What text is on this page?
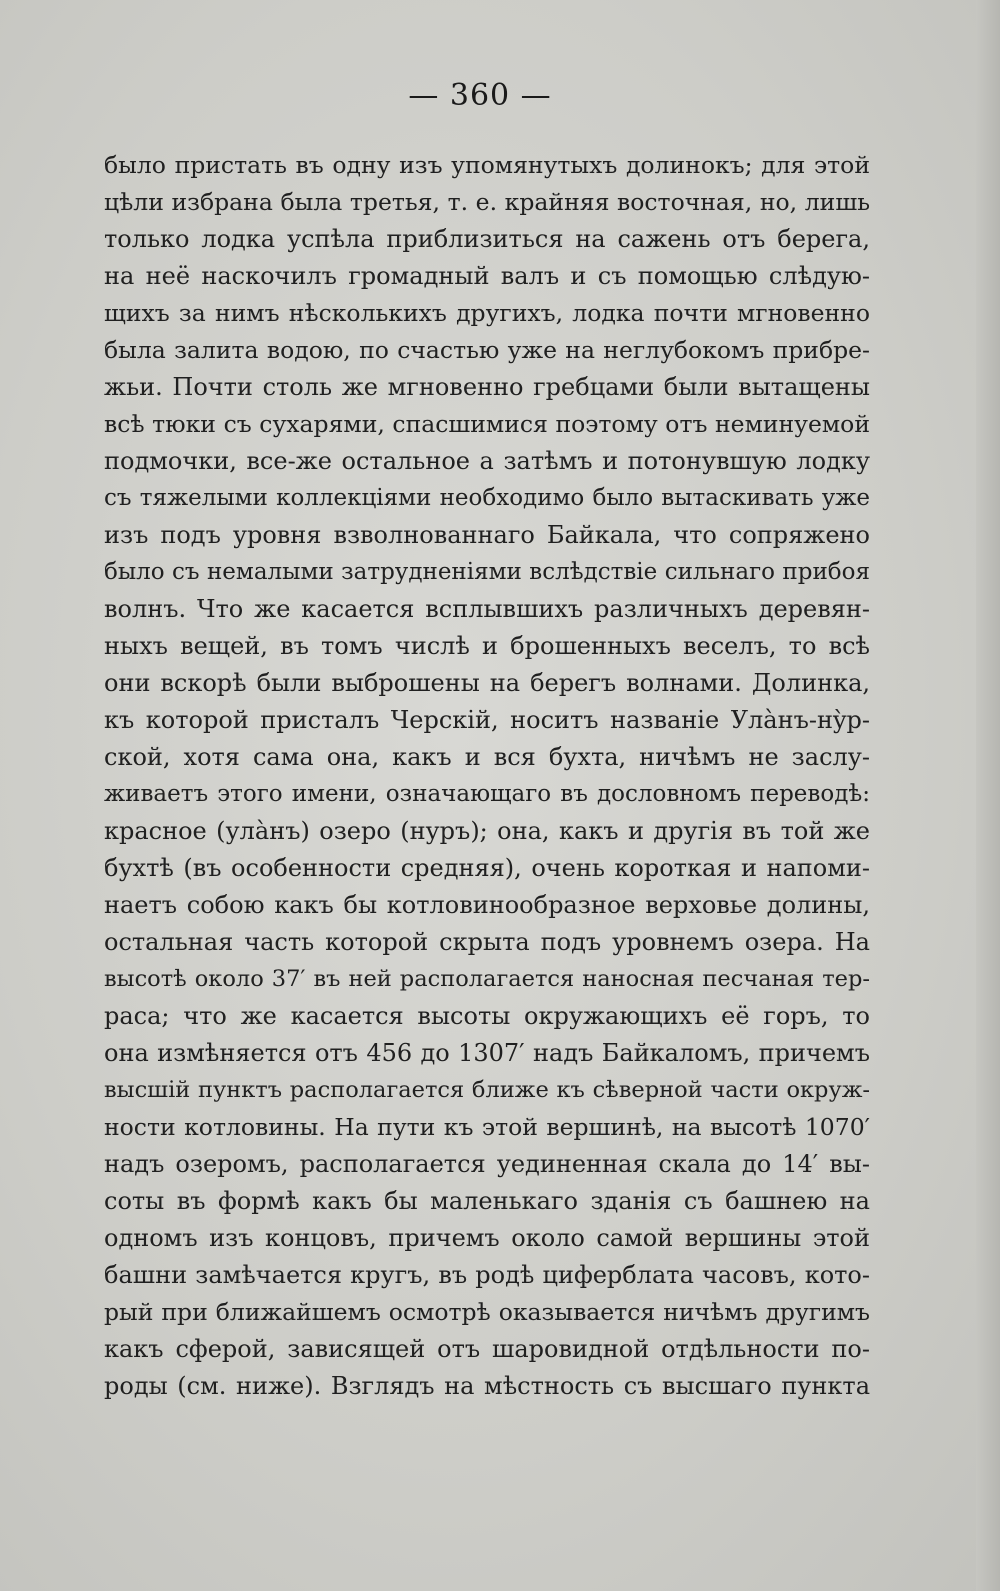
— 360 —
было пристать въ одну изъ упомянутыхъ долинокъ; для этой
цѣли избрана была третья, т. е. крайняя восточная, но, лишь
только лодка успѣла приблизиться на сажень отъ берега,
на неё наскочилъ громадный валъ и съ помощью слѣдую-
щихъ за нимъ нѣсколькихъ другихъ, лодка почти мгновенно
была залита водою, по счастью уже на неглубокомъ прибре-
жьи. Почти столь же мгновенно гребцами были вытащены
всѣ тюки съ сухарями, спасшимися поэтому отъ неминуемой
подмочки, все-же остальное а затѣмъ и потонувшую лодку
съ тяжелыми коллекціями необходимо было вытаскивать уже
изъ подъ уровня взволнованнаго Байкала, что сопряжено
было съ немалыми затрудненіями вслѣдствіе сильнаго прибоя
волнъ. Что же касается всплывшихъ различныхъ деревян-
ныхъ вещей, въ томъ числѣ и брошенныхъ веселъ, то всѣ
они вскорѣ были выброшены на берегъ волнами. Долинка,
къ которой присталъ Черскій, носитъ названіе Улàнъ-нỳр-
ской, хотя сама она, какъ и вся бухта, ничѣмъ не заслу-
живаетъ этого имени, означающаго въ дословномъ переводѣ:
красное (улàнъ) озеро (нуръ); она, какъ и другія въ той же
бухтѣ (въ особенности средняя), очень короткая и напоми-
наетъ собою какъ бы котловинообразное верховье долины,
остальная часть которой скрыта подъ уровнемъ озера. На
высотѣ около 37′ въ ней располагается наносная песчаная тер-
раса; что же касается высоты окружающихъ её горъ, то
она измѣняется отъ 456 до 1307′ надъ Байкаломъ, причемъ
высшій пунктъ располагается ближе къ сѣверной части окруж-
ности котловины. На пути къ этой вершинѣ, на высотѣ 1070′
надъ озеромъ, располагается уединенная скала до 14′ вы-
соты въ формѣ какъ бы маленькаго зданія съ башнею на
одномъ изъ концовъ, причемъ около самой вершины этой
башни замѣчается кругъ, въ родѣ циферблата часовъ, кото-
рый при ближайшемъ осмотрѣ оказывается ничѣмъ другимъ
какъ сферой, зависящей отъ шаровидной отдѣльности по-
роды (см. ниже). Взглядъ на мѣстность съ высшаго пункта
